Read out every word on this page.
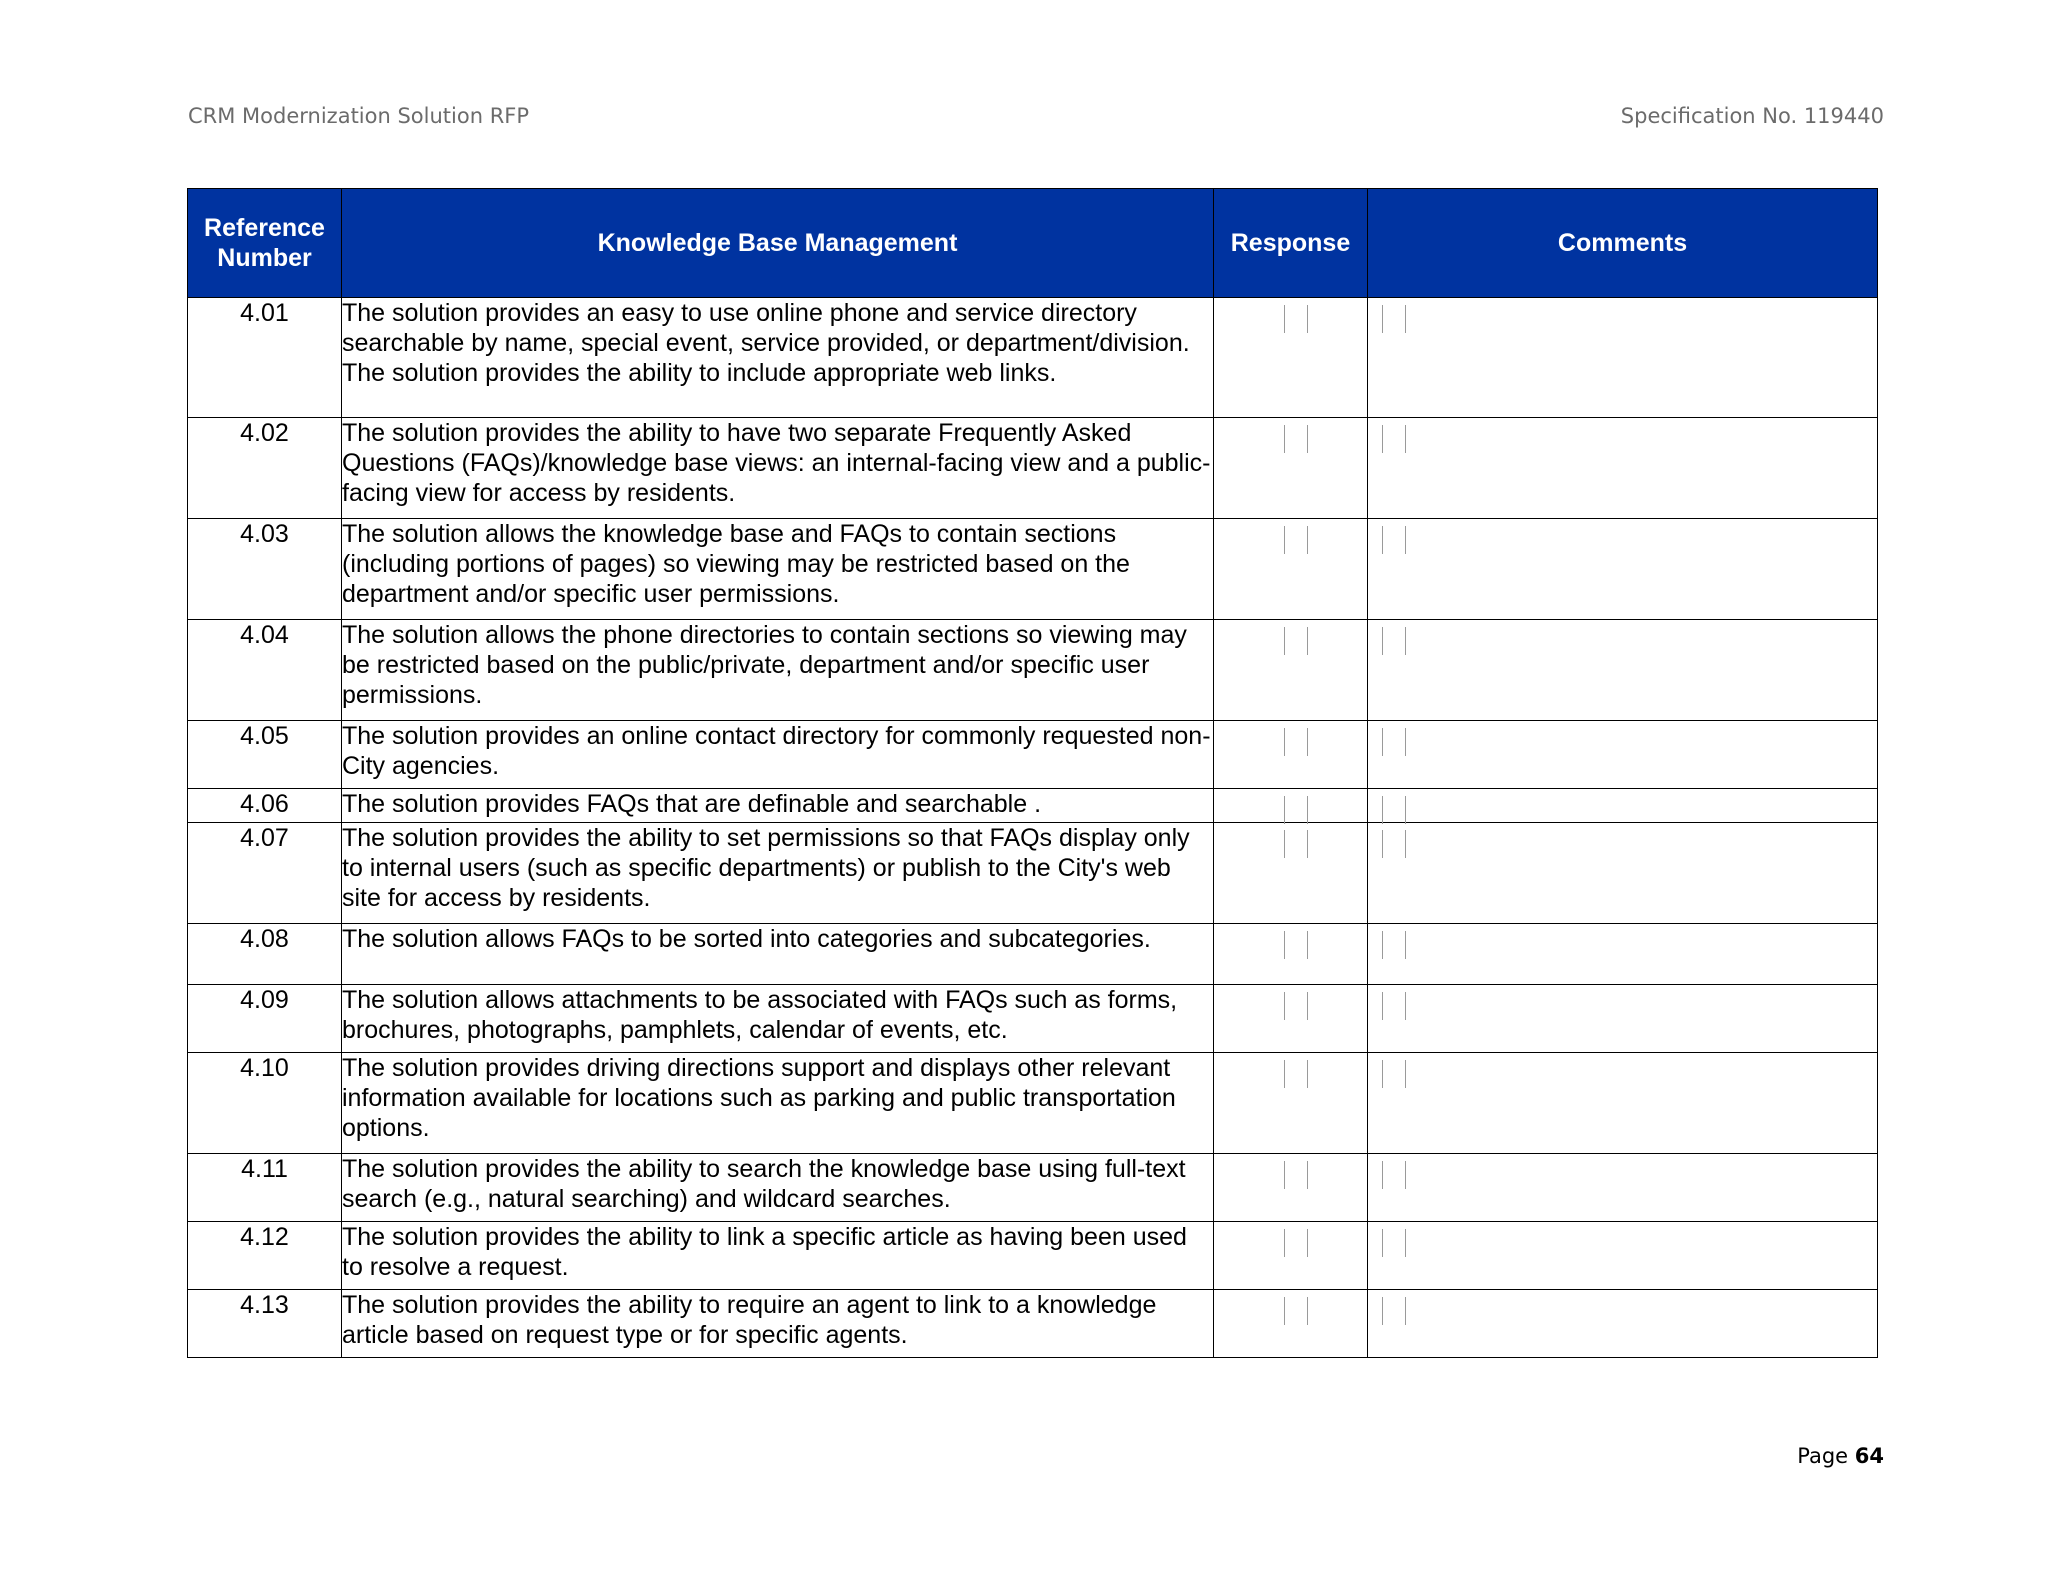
CRM Modernization Solution RFP	Specification No. 119440
Reference Number	Knowledge Base Management	Response	Comments
4.01	The solution provides an easy to use online phone and service directory searchable by name, special event, service provided, or department/division. The solution provides the ability to include appropriate web links.	

4.02	The solution provides the ability to have two separate Frequently Asked Questions (FAQs)/knowledge base views: an internal-facing view and a public-facing view for access by residents.	

4.03	The solution allows the knowledge base and FAQs to contain sections (including portions of pages) so viewing may be restricted based on the department and/or specific user permissions.	

4.04	The solution allows the phone directories to contain sections so viewing may be restricted based on the public/private, department and/or specific user permissions.	

4.05	The solution provides an online contact directory for commonly requested non-City agencies.	

4.06	The solution provides FAQs that are definable and searchable .	

4.07	The solution provides the ability to set permissions so that FAQs display only to internal users (such as specific departments) or publish to the City's web site for access by residents.	

4.08	The solution allows FAQs to be sorted into categories and subcategories.	

4.09	The solution allows attachments to be associated with FAQs such as forms, brochures, photographs, pamphlets, calendar of events, etc.	

4.10	The solution provides driving directions support and displays other relevant information available for locations such as parking and public transportation options.	

4.11	The solution provides the ability to search the knowledge base using full-text search (e.g., natural searching) and wildcard searches.	

4.12	The solution provides the ability to link a specific article as having been used to resolve a request.	

4.13	The solution provides the ability to require an agent to link to a knowledge article based on request type or for specific agents.	

Page 64
